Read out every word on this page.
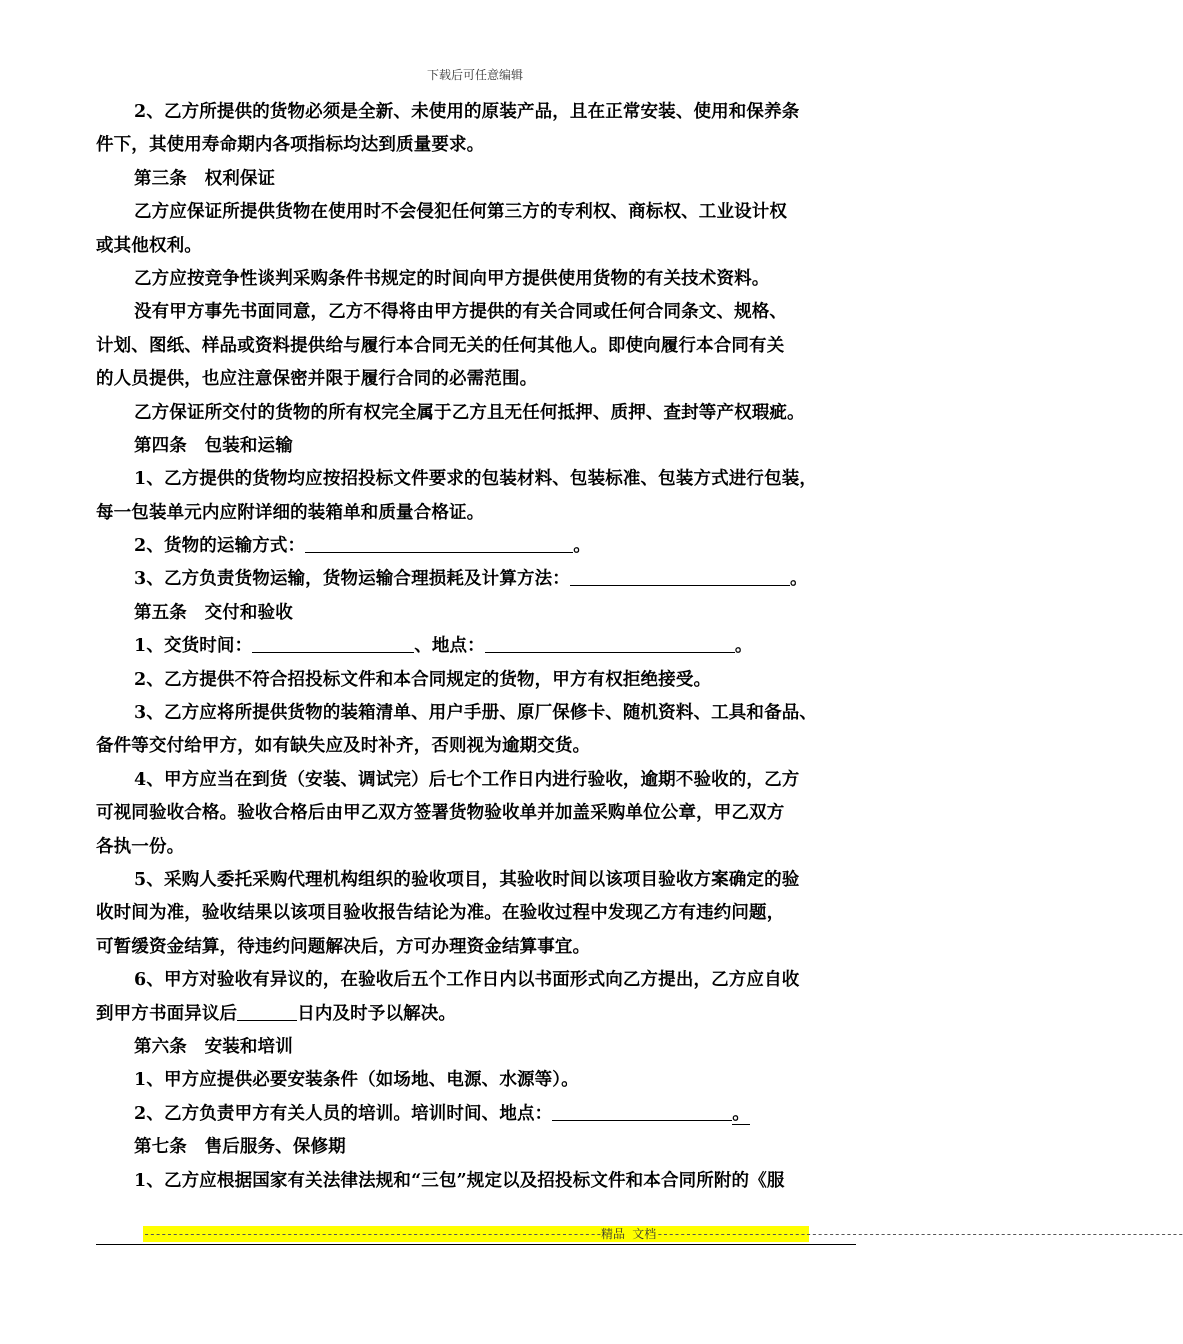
下载后可任意编辑
2、乙方所提供的货物必须是全新、未使用的原装产品，且在正常安装、使用和保养条
件下，其使用寿命期内各项指标均达到质量要求。
第三条　权利保证
乙方应保证所提供货物在使用时不会侵犯任何第三方的专利权、商标权、工业设计权
或其他权利。
乙方应按竞争性谈判采购条件书规定的时间向甲方提供使用货物的有关技术资料。
没有甲方事先书面同意，乙方不得将由甲方提供的有关合同或任何合同条文、规格、
计划、图纸、样品或资料提供给与履行本合同无关的任何其他人。即使向履行本合同有关
的人员提供，也应注意保密并限于履行合同的必需范围。
乙方保证所交付的货物的所有权完全属于乙方且无任何抵押、质押、查封等产权瑕疵。
第四条　包装和运输
1、乙方提供的货物均应按招投标文件要求的包装材料、包装标准、包装方式进行包装，
每一包装单元内应附详细的装箱单和质量合格证。
2、货物的运输方式：	。
3、乙方负责货物运输，货物运输合理损耗及计算方法：	。
第五条　交付和验收
1、交货时间：	、地点：	。
2、乙方提供不符合招投标文件和本合同规定的货物，甲方有权拒绝接受。
3、乙方应将所提供货物的装箱清单、用户手册、原厂保修卡、随机资料、工具和备品、
备件等交付给甲方，如有缺失应及时补齐，否则视为逾期交货。
4、甲方应当在到货（安装、调试完）后七个工作日内进行验收，逾期不验收的，乙方
可视同验收合格。验收合格后由甲乙双方签署货物验收单并加盖采购单位公章，甲乙双方
各执一份。
5、采购人委托采购代理机构组织的验收项目，其验收时间以该项目验收方案确定的验
收时间为准，验收结果以该项目验收报告结论为准。在验收过程中发现乙方有违约问题，
可暂缓资金结算，待违约问题解决后，方可办理资金结算事宜。
6、甲方对验收有异议的，在验收后五个工作日内以书面形式向乙方提出，乙方应自收
到甲方书面异议后	日内及时予以解决。
第六条　安装和培训
1、甲方应提供必要安装条件（如场地、电源、水源等）。
2、乙方负责甲方有关人员的培训。培训时间、地点：	。
第七条　售后服务、保修期
1、乙方应根据国家有关法律法规和“三包”规定以及招投标文件和本合同所附的《服
--------------------------------------------------------------------------------精品 文档--------------------------------------------------------------------------------------------
